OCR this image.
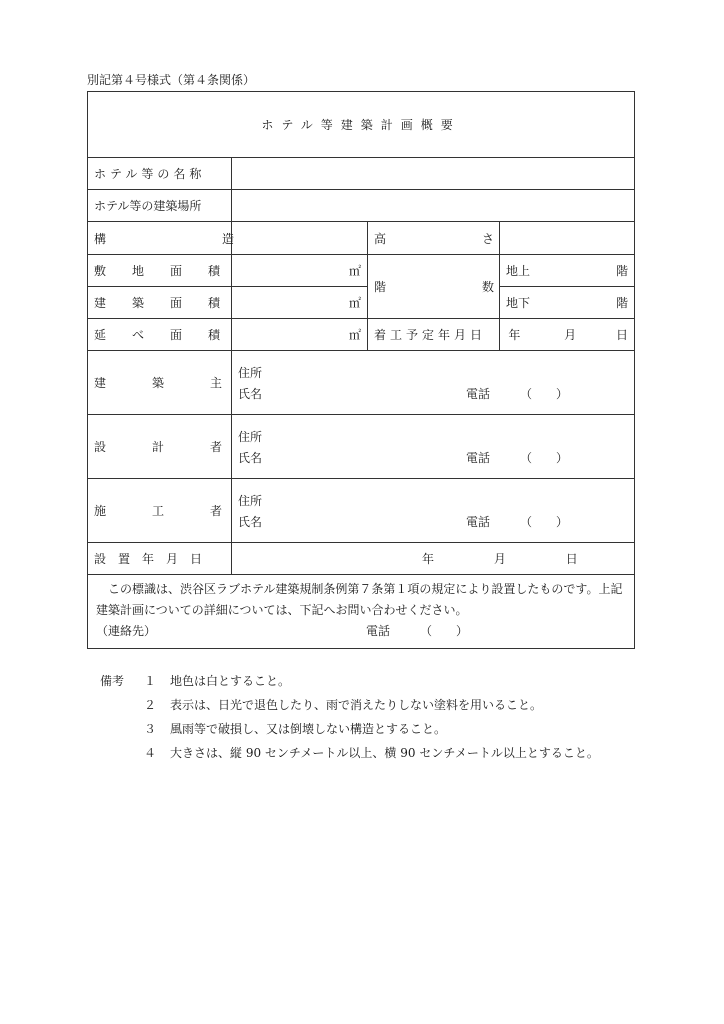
別記第４号様式（第４条関係）
ホテル等建築計画概要			
ホテル等の名称			
ホテル等の建築場所			

構造		高さ	

敷地面積	㎡	階数	地上 階

建築面積	㎡		地下 階

延べ面積	㎡	着工予定年月日	年 月 日
建築主	住所
氏名 電話 （　　）		

設計者	住所
氏名 電話 （　　）		

施工者	住所
氏名 電話 （　　）		

設置年月日	年 月 日		

　この標識は、渋谷区ラブホテル建築規制条例第７条第１項の規定により設置したものです。上記建築計画についての詳細については、下記へお問い合わせください。
（連絡先） 電話 （　　）			
備考	１	地色は白とすること。
２	表示は、日光で退色したり、雨で消えたりしない塗料を用いること。
３	風雨等で破損し、又は倒壊しない構造とすること。
４	大きさは、縦 90 センチメートル以上、横 90 センチメートル以上とすること。
